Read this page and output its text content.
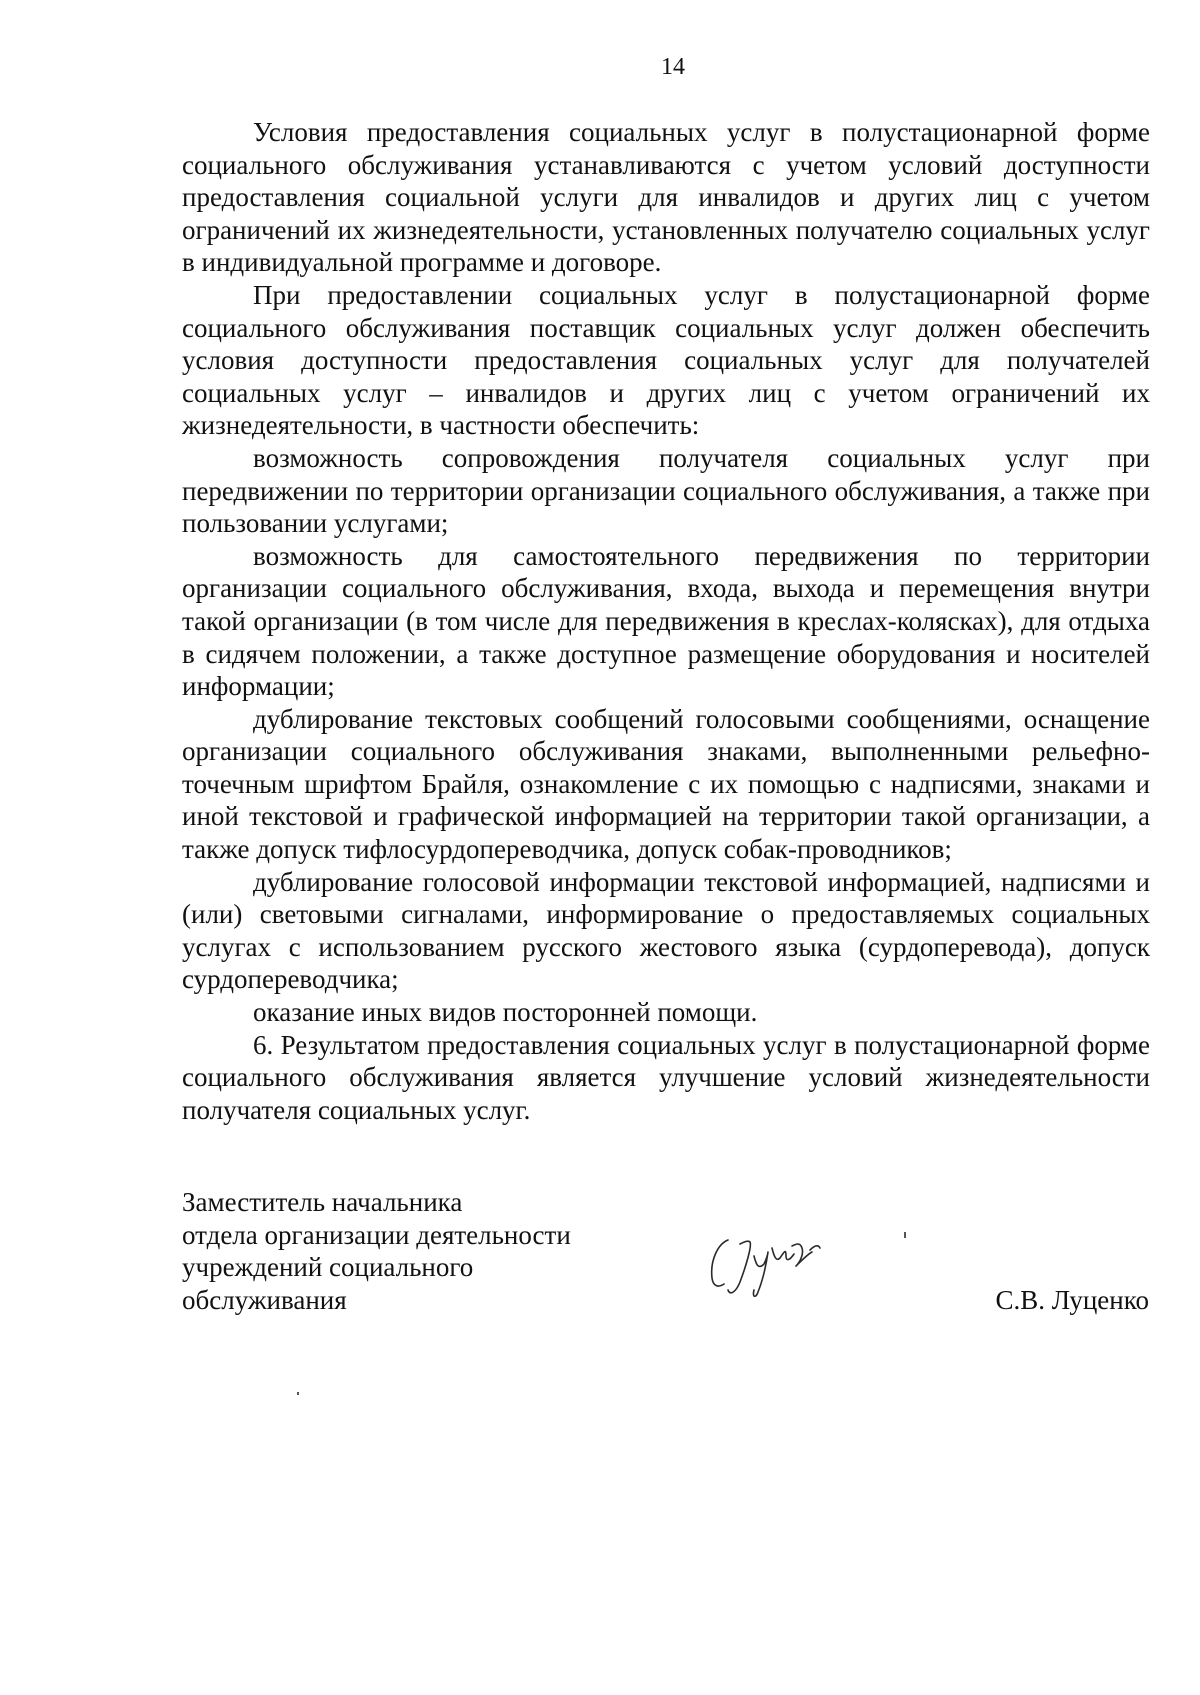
14

Условия предоставления социальных услуг в полустационарной форме социального обслуживания устанавливаются с учетом условий доступности предоставления социальной услуги для инвалидов и других лиц с учетом ограничений их жизнедеятельности, установленных получателю социальных услуг в индивидуальной программе и договоре.

При предоставлении социальных услуг в полустационарной форме социального обслуживания поставщик социальных услуг должен обеспечить условия доступности предоставления социальных услуг для получателей социальных услуг – инвалидов и других лиц с учетом ограничений их жизнедеятельности, в частности обеспечить:

возможность сопровождения получателя социальных услуг при передвижении по территории организации социального обслуживания, а также при пользовании услугами;

возможность для самостоятельного передвижения по территории организации социального обслуживания, входа, выхода и перемещения внутри такой организации (в том числе для передвижения в креслах-колясках), для отдыха в сидячем положении, а также доступное размещение оборудования и носителей информации;

дублирование текстовых сообщений голосовыми сообщениями, оснащение организации социального обслуживания знаками, выполненными рельефно-точечным шрифтом Брайля, ознакомление с их помощью с надписями, знаками и иной текстовой и графической информацией на территории такой организации, а также допуск тифлосурдопереводчика, допуск собак-проводников;

дублирование голосовой информации текстовой информацией, надписями и (или) световыми сигналами, информирование о предоставляемых социальных услугах с использованием русского жестового языка (сурдоперевода), допуск сурдопереводчика;

оказание иных видов посторонней помощи.

6. Результатом предоставления социальных услуг в полустационарной форме социального обслуживания является улучшение условий жизнедеятельности получателя социальных услуг.

Заместитель начальника
отдела организации деятельности
учреждений социального
обслуживания	С.В. Луценко
